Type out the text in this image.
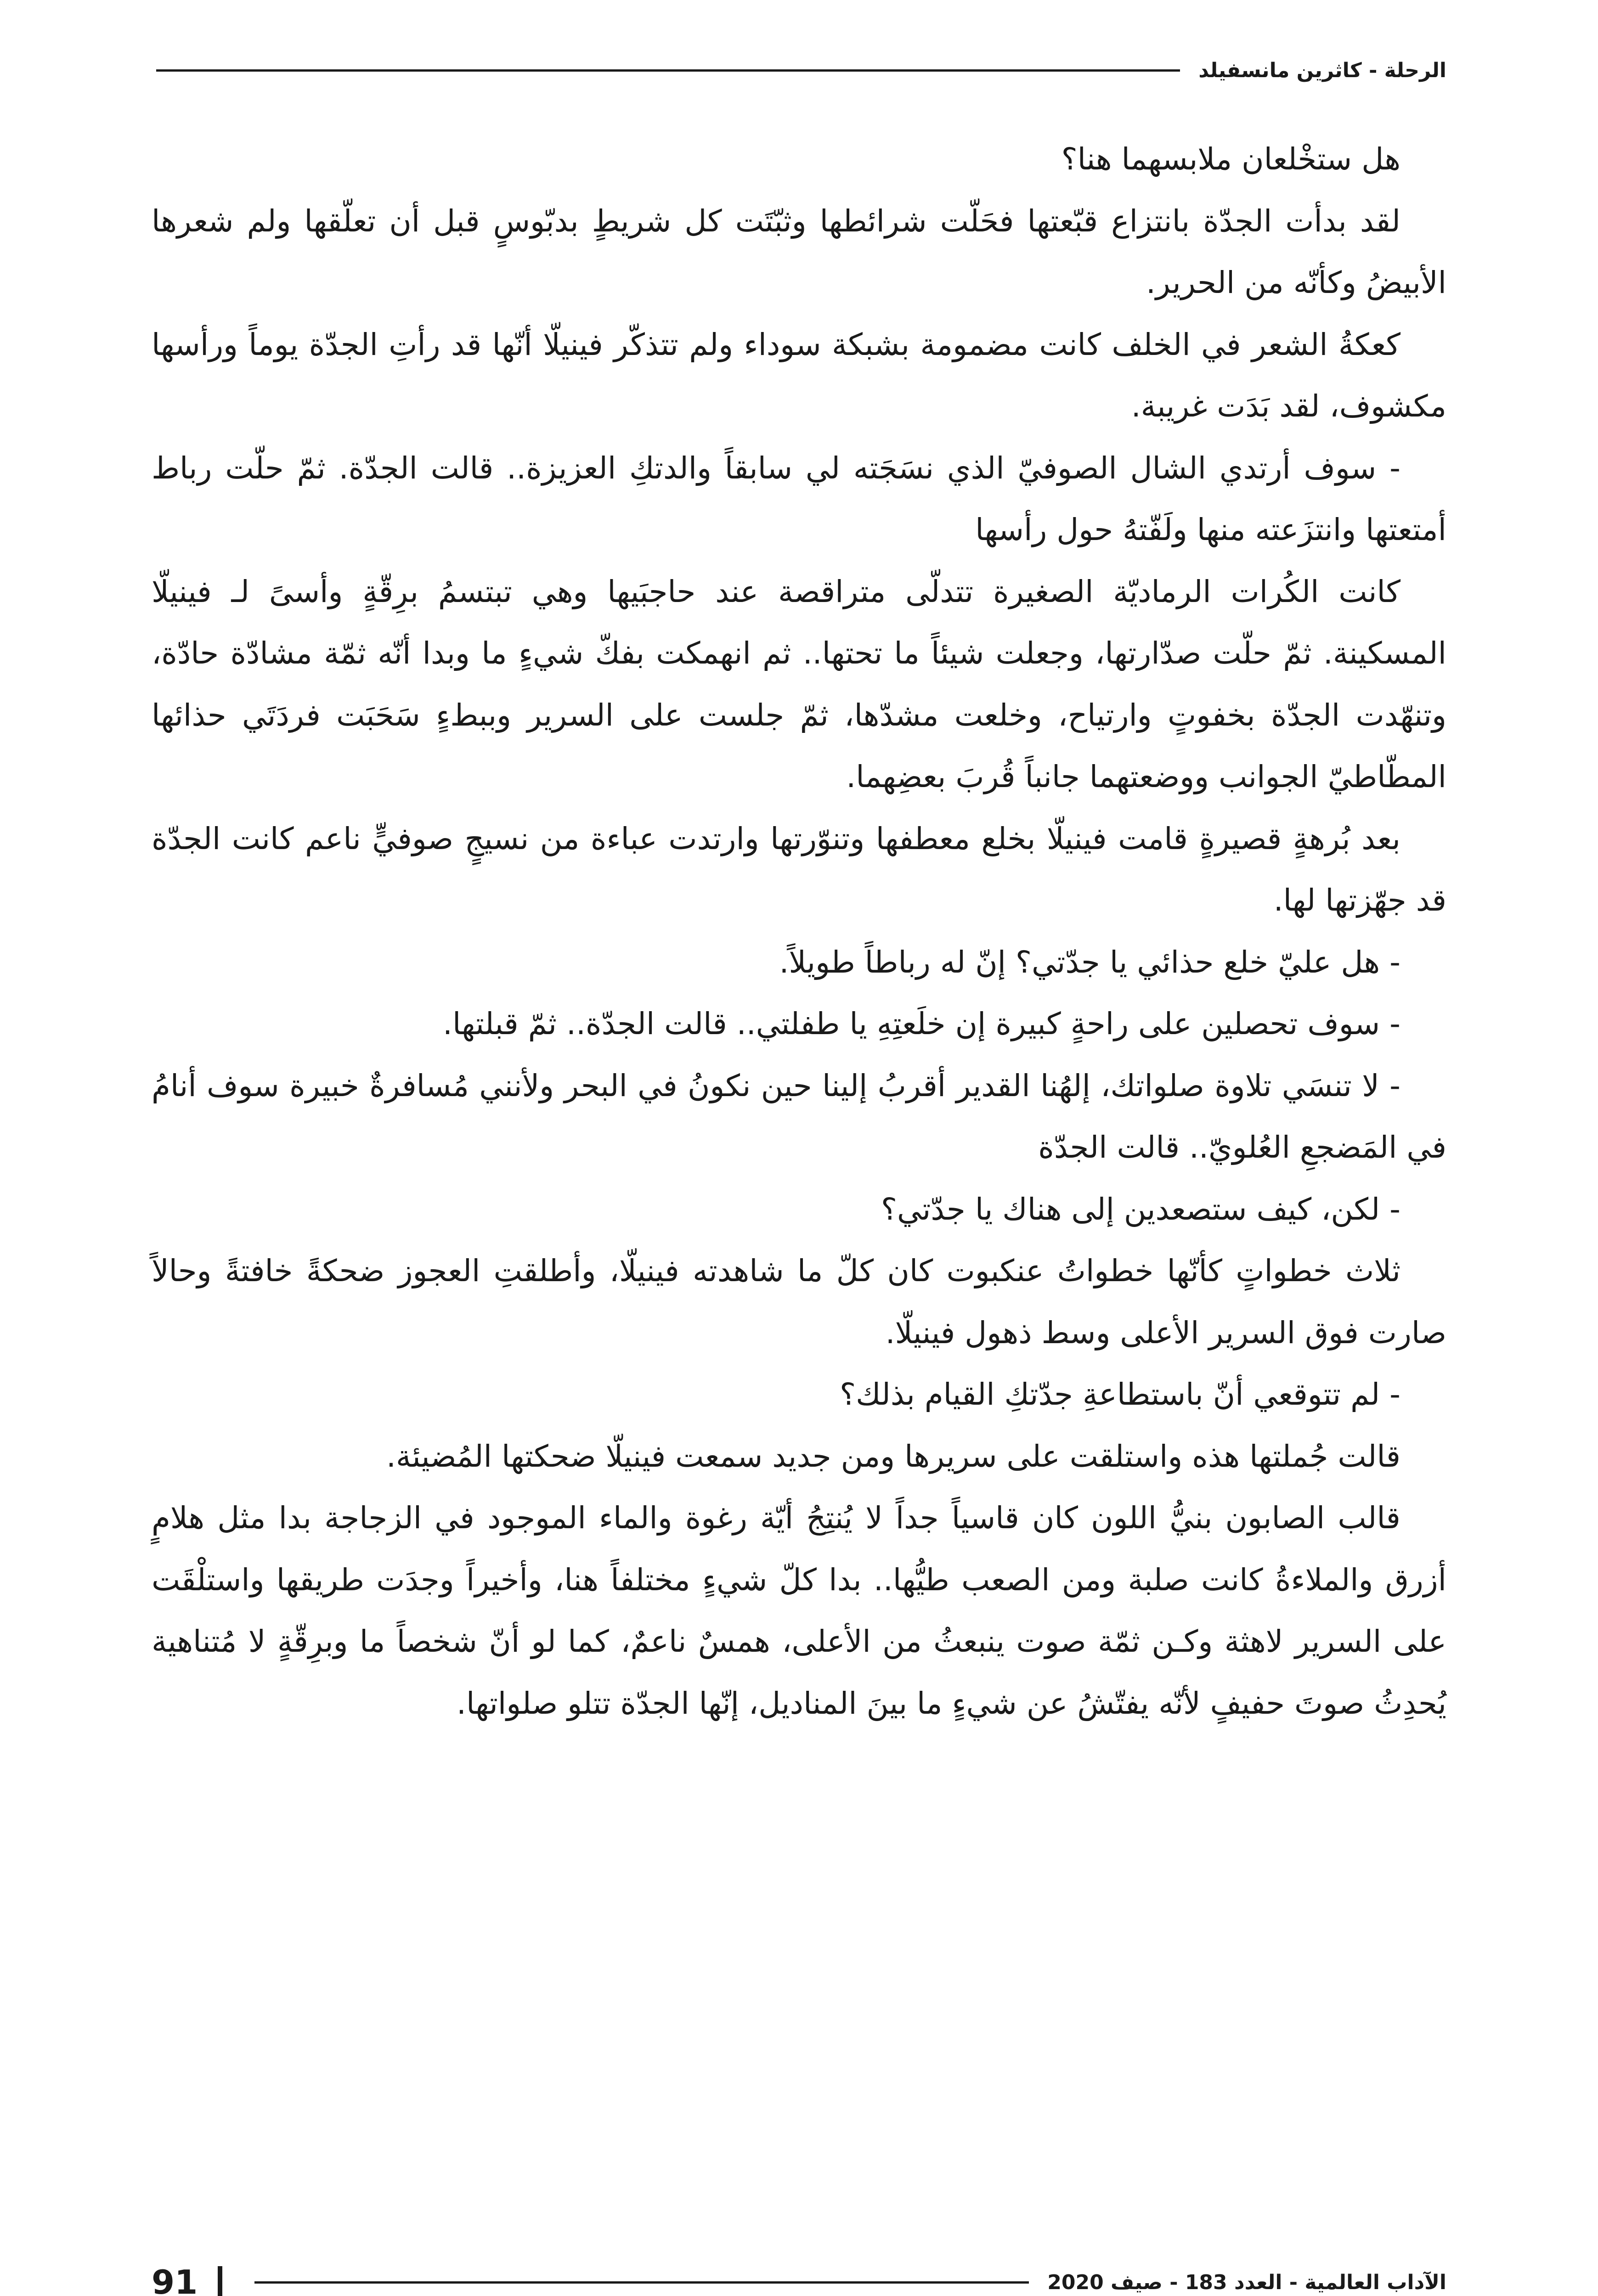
الرحلة - كاثرين مانسفيلد

هل ستخْلعان ملابسهما هنا؟

لقد بدأت الجدّة بانتزاع قبّعتها فحَلّت شرائطها وثبّتَت كل شريطٍ بدبّوسٍ قبل أن تعلّقها ولم شعرها الأبيضُ وكأنّه من الحرير.

كعكةُ الشعر في الخلف كانت مضمومة بشبكة سوداء ولم تتذكّر فينيلّا أنّها قد رأتِ الجدّة يوماً ورأسها مكشوف، لقد بَدَت غريبة.

- سوف أرتدي الشال الصوفيّ الذي نسَجَته لي سابقاً والدتكِ العزيزة.. قالت الجدّة. ثمّ حلّت رباط أمتعتها وانتزَعته منها ولَفّتهُ حول رأسها

كانت الكُرات الرماديّة الصغيرة تتدلّى متراقصة عند حاجبَيها وهي تبتسمُ برِقّةٍ وأسىً لـ فينيلّا المسكينة. ثمّ حلّت صدّارتها، وجعلت شيئاً ما تحتها.. ثم انهمكت بفكّ شيءٍ ما وبدا أنّه ثمّة مشادّة حادّة، وتنهّدت الجدّة بخفوتٍ وارتياح، وخلعت مشدّها، ثمّ جلست على السرير وببطءٍ سَحَبَت فردَتَي حذائها المطّاطيّ الجوانب ووضعتهما جانباً قُربَ بعضِهما.

بعد بُرهةٍ قصيرةٍ قامت فينيلّا بخلع معطفها وتنوّرتها وارتدت عباءة من نسيجٍ صوفيٍّ ناعم كانت الجدّة قد جهّزتها لها.

- هل عليّ خلع حذائي يا جدّتي؟ إنّ له رباطاً طويلاً.

- سوف تحصلين على راحةٍ كبيرة إن خلَعتِهِ يا طفلتي.. قالت الجدّة.. ثمّ قبلتها.

- لا تنسَي تلاوة صلواتك، إلهُنا القدير أقربُ إلينا حين نكونُ في البحر ولأنني مُسافرةٌ خبيرة سوف أنامُ في المَضجعِ العُلويّ.. قالت الجدّة

- لكن، كيف ستصعدين إلى هناك يا جدّتي؟

ثلاث خطواتٍ كأنّها خطواتُ عنكبوت كان كلّ ما شاهدته فينيلّا، وأطلقتِ العجوز ضحكةً خافتةً وحالاً صارت فوق السرير الأعلى وسط ذهول فينيلّا.

- لم تتوقعي أنّ باستطاعةِ جدّتكِ القيام بذلك؟

قالت جُملتها هذه واستلقت على سريرها ومن جديد سمعت فينيلّا ضحكتها المُضيئة.

قالب الصابون بنيُّ اللون كان قاسياً جداً لا يُنتِجُ أيّة رغوة والماء الموجود في الزجاجة بدا مثل هلامٍ أزرق والملاءةُ كانت صلبة ومن الصعب طيُّها.. بدا كلّ شيءٍ مختلفاً هنا، وأخيراً وجدَت طريقها واستلْقَت على السرير لاهثة وكـن ثمّة صوت ينبعثُ من الأعلى، همسٌ ناعمٌ، كما لو أنّ شخصاً ما وبرِقّةٍ لا مُتناهية يُحدِثُ صوتَ حفيفٍ لأنّه يفتّشُ عن شيءٍ ما بينَ المناديل، إنّها الجدّة تتلو صلواتها.

الآداب العالمية - العدد 183 - صيف 2020
91
